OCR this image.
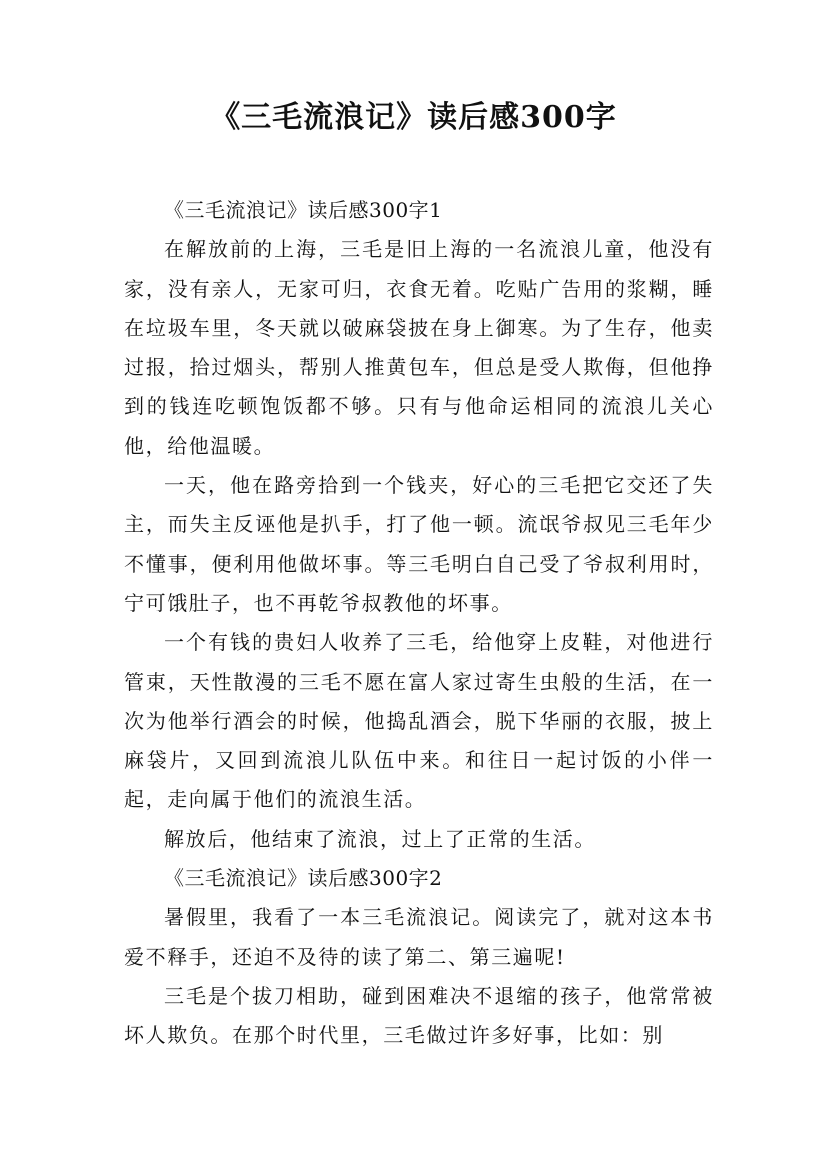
《三毛流浪记》读后感300字

《三毛流浪记》读后感300字1

在解放前的上海，三毛是旧上海的一名流浪儿童，他没有家，没有亲人，无家可归，衣食无着。吃贴广告用的浆糊，睡在垃圾车里，冬天就以破麻袋披在身上御寒。为了生存，他卖过报，拾过烟头，帮别人推黄包车，但总是受人欺侮，但他挣到的钱连吃顿饱饭都不够。只有与他命运相同的流浪儿关心他，给他温暖。

一天，他在路旁拾到一个钱夹，好心的三毛把它交还了失主，而失主反诬他是扒手，打了他一顿。流氓爷叔见三毛年少不懂事，便利用他做坏事。等三毛明白自己受了爷叔利用时，宁可饿肚子，也不再乾爷叔教他的坏事。

一个有钱的贵妇人收养了三毛，给他穿上皮鞋，对他进行管束，天性散漫的三毛不愿在富人家过寄生虫般的生活，在一次为他举行酒会的时候，他捣乱酒会，脱下华丽的衣服，披上麻袋片，又回到流浪儿队伍中来。和往日一起讨饭的小伴一起，走向属于他们的流浪生活。

解放后，他结束了流浪，过上了正常的生活。

《三毛流浪记》读后感300字2

暑假里，我看了一本三毛流浪记。阅读完了，就对这本书爱不释手，还迫不及待的读了第二、第三遍呢!

三毛是个拔刀相助，碰到困难决不退缩的孩子，他常常被坏人欺负。在那个时代里，三毛做过许多好事，比如：别
